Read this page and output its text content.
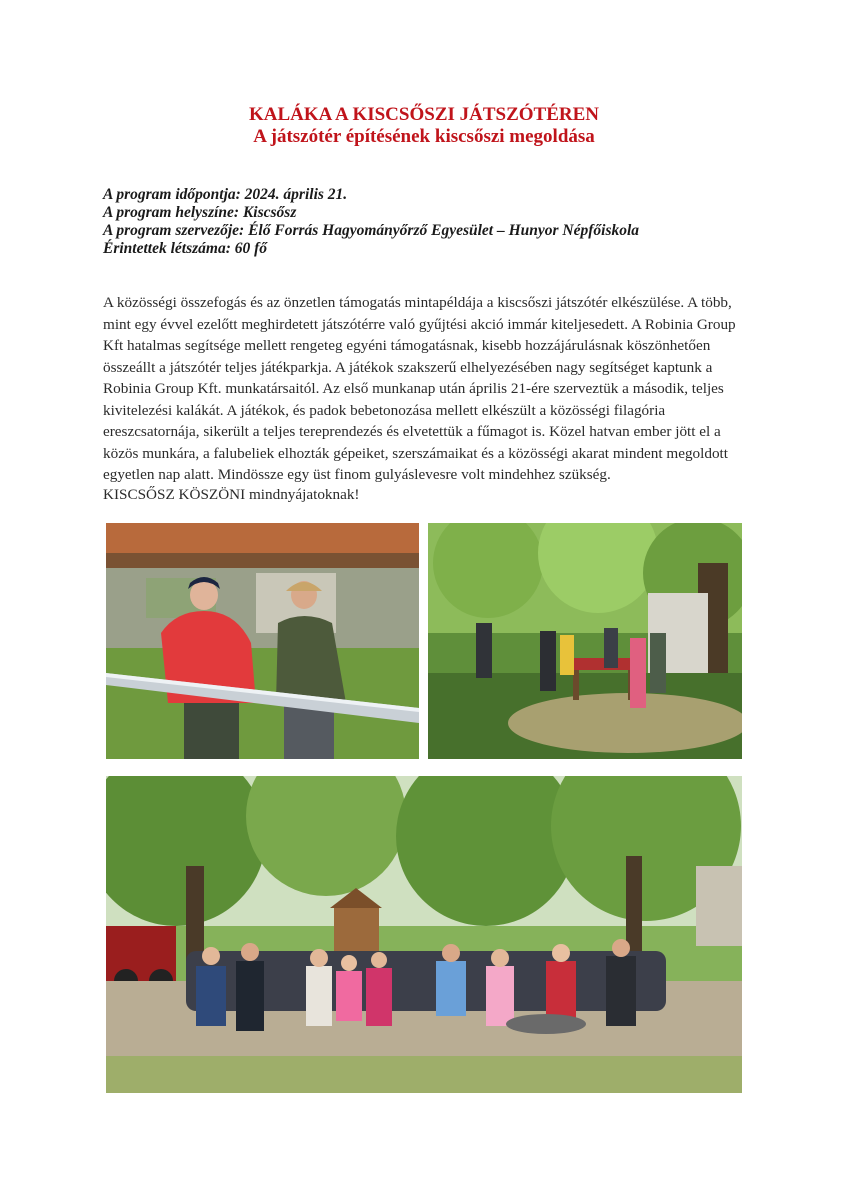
KALÁKA A KISCSŐSZI JÁTSZÓTÉREN
A játszótér építésének kiscsőszi megoldása
A program időpontja: 2024. április 21.
A program helyszíne: Kiscsősz
A program szervezője: Élő Forrás Hagyományőrző Egyesület – Hunyor Népfőiskola
Érintettek létszáma: 60 fő

A közösségi összefogás és az önzetlen támogatás mintapéldája a kiscsőszi játszótér elkészülése. A több, mint egy évvel ezelőtt meghirdetett játszótérre való gyűjtési akció immár kiteljesedett. A Robinia Group Kft hatalmas segítsége mellett rengeteg egyéni támogatásnak, kisebb hozzájárulásnak köszönhetően összeállt a játszótér teljes játékparkja. A játékok szakszerű elhelyezésében nagy segítséget kaptunk a Robinia Group Kft. munkatársaitól. Az első munkanap után április 21-ére szerveztük a második, teljes kivitelezési kalákát. A játékok, és padok bebetonozása mellett elkészült a közösségi filagória ereszcsatornája, sikerült a teljes tereprendezés és elvetettük a fűmagot is. Közel hatvan ember jött el a közös munkára, a falubeliek elhozták gépeiket, szerszámaikat és a közösségi akarat mindent megoldott egyetlen nap alatt. Mindössze egy üst finom gulyáslevesre volt mindehhez szükség.

KISCSŐSZ KÖSZÖNI mindnyájatoknak!
